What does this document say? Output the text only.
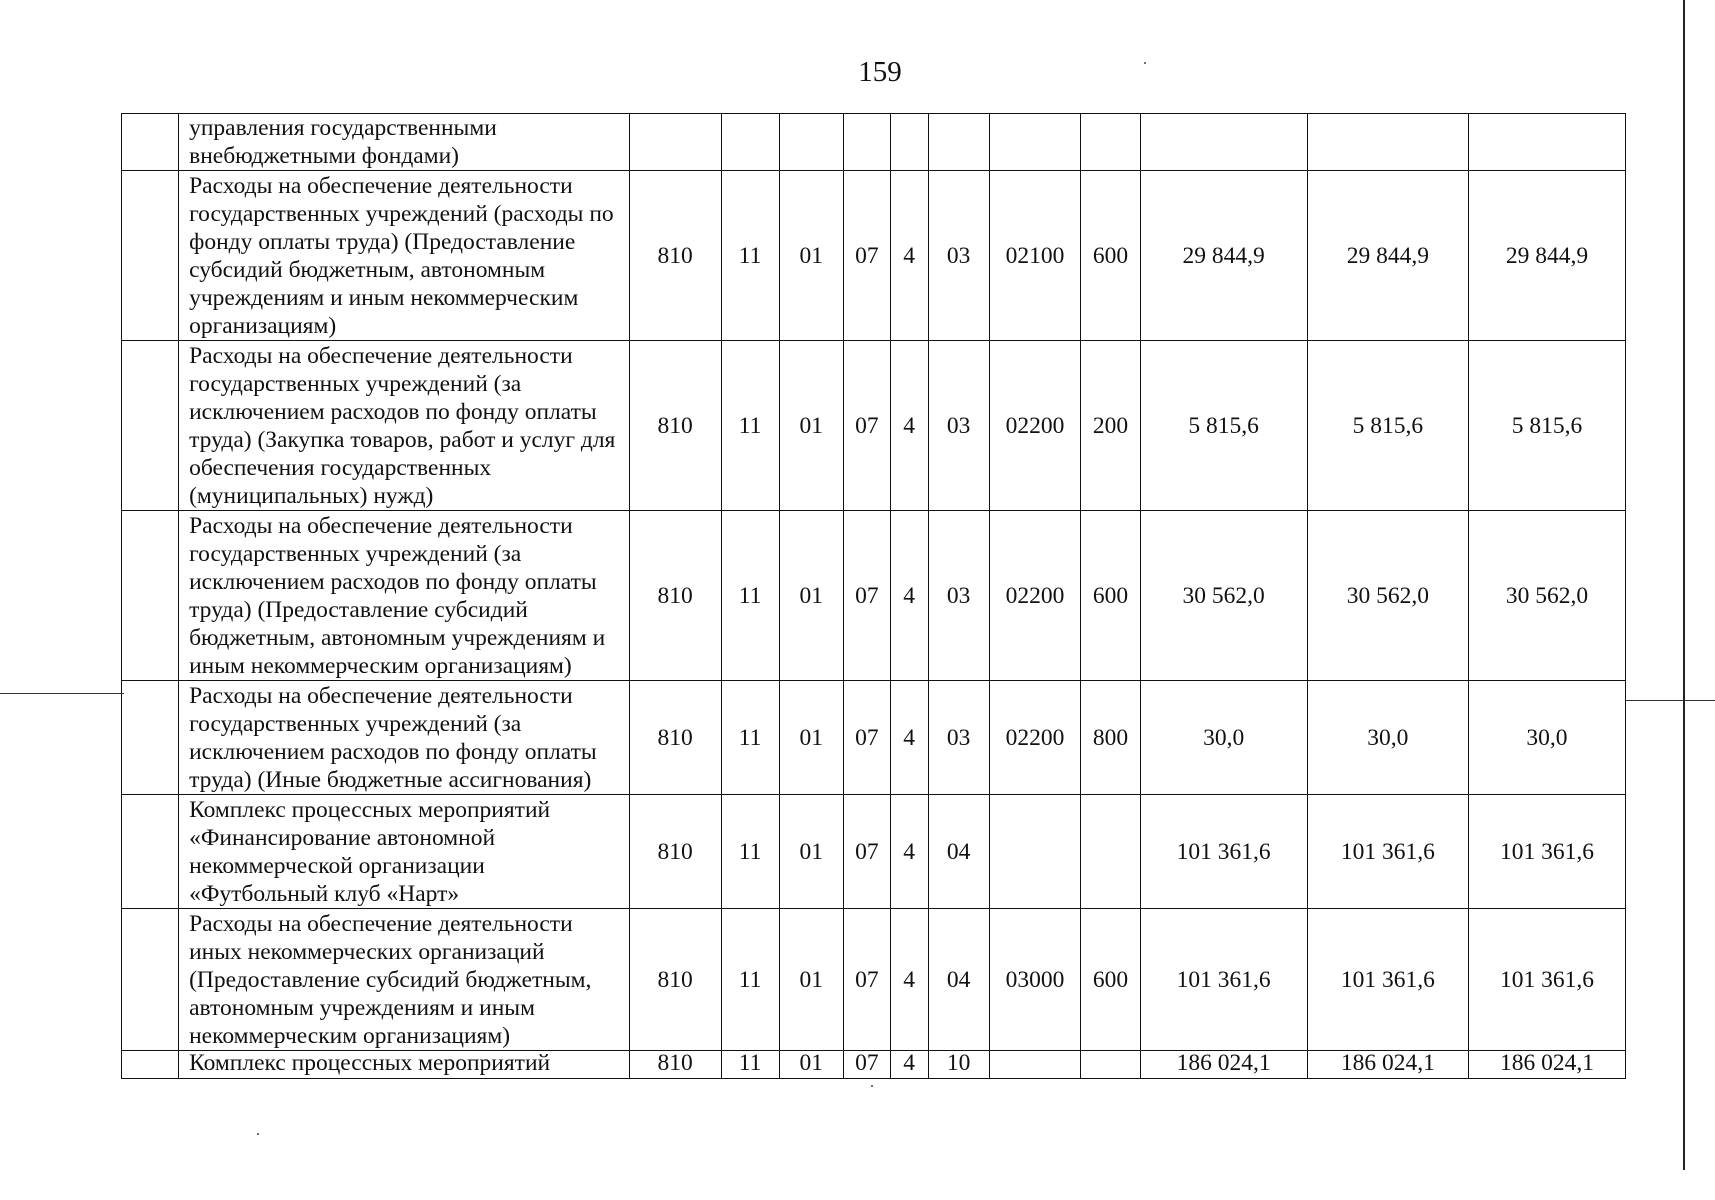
159
	управления государственными внебюджетными фондами)											
	Расходы на обеспечение деятельности государственных учреждений (расходы по фонду оплаты труда) (Предоставление субсидий бюджетным, автономным учреждениям и иным некоммерческим организациям)	810	11	01	07	4	03	02100	600	29 844,9	29 844,9	29 844,9
	Расходы на обеспечение деятельности государственных учреждений (за исключением расходов по фонду оплаты труда) (Закупка товаров, работ и услуг для обеспечения государственных (муниципальных) нужд)	810	11	01	07	4	03	02200	200	5 815,6	5 815,6	5 815,6
	Расходы на обеспечение деятельности государственных учреждений (за исключением расходов по фонду оплаты труда) (Предоставление субсидий бюджетным, автономным учреждениям и иным некоммерческим организациям)	810	11	01	07	4	03	02200	600	30 562,0	30 562,0	30 562,0
	Расходы на обеспечение деятельности государственных учреждений (за исключением расходов по фонду оплаты труда) (Иные бюджетные ассигнования)	810	11	01	07	4	03	02200	800	30,0	30,0	30,0
	Комплекс процессных мероприятий «Финансирование автономной некоммерческой организации «Футбольный клуб «Нарт»	810	11	01	07	4	04			101 361,6	101 361,6	101 361,6
	Расходы на обеспечение деятельности иных некоммерческих организаций (Предоставление субсидий бюджетным, автономным учреждениям и иным некоммерческим организациям)	810	11	01	07	4	04	03000	600	101 361,6	101 361,6	101 361,6
	Комплекс процессных мероприятий	810	11	01	07	4	10			186 024,1	186 024,1	186 024,1
